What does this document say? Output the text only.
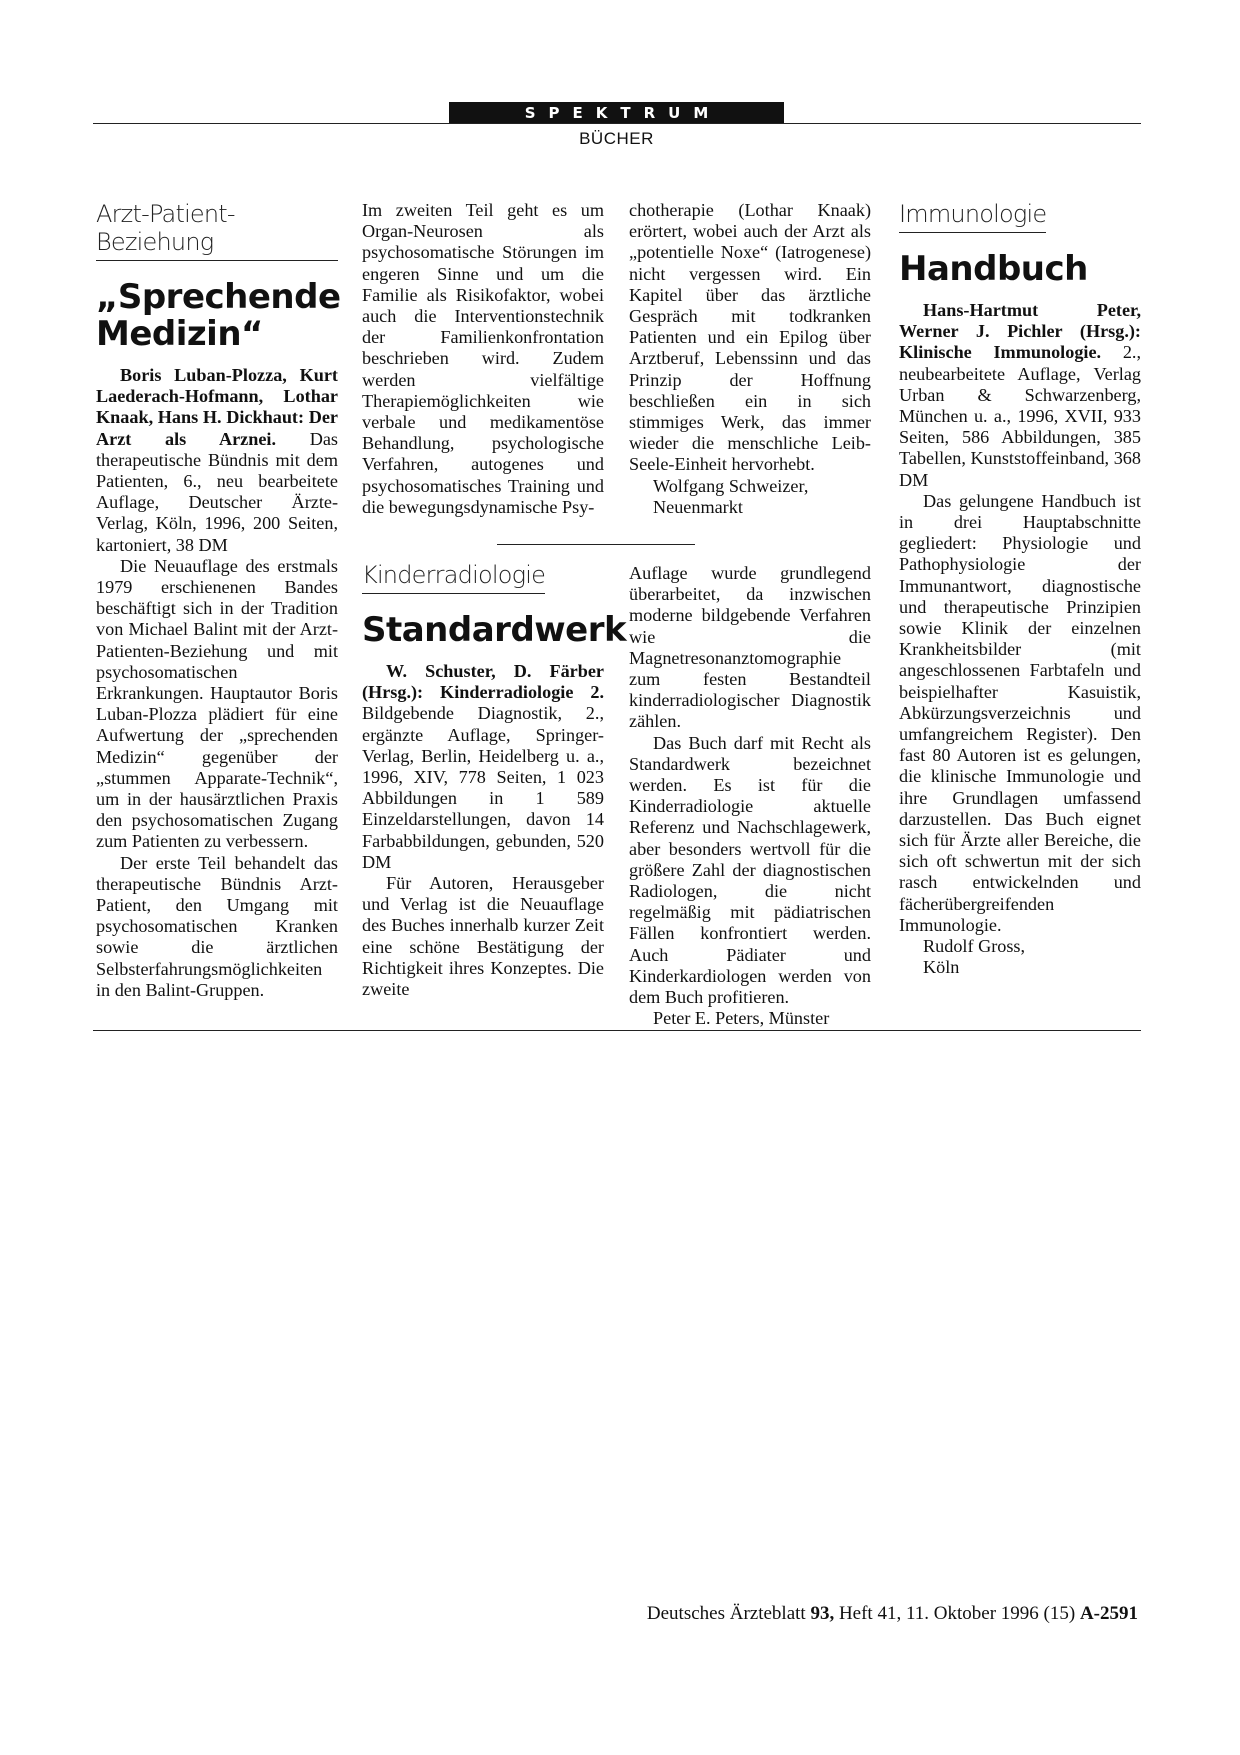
SPEKTRUM
BÜCHER
Arzt-Patient-Beziehung
„Sprechende
Medizin“

Boris Luban-Plozza, Kurt Laederach-Hofmann, Lothar Knaak, Hans H. Dickhaut: Der Arzt als Arznei. Das therapeutische Bündnis mit dem Patienten, 6., neu bearbeitete Auflage, Deutscher Ärzte-Verlag, Köln, 1996, 200 Seiten, kartoniert, 38 DM

Die Neuauflage des erstmals 1979 erschienenen Bandes beschäftigt sich in der Tradition von Michael Balint mit der Arzt-Patienten-Beziehung und mit psychosomatischen Erkrankungen. Hauptautor Boris Luban-Plozza plädiert für eine Aufwertung der „sprechenden Medizin“ gegenüber der „stummen Apparate-Technik“, um in der hausärztlichen Praxis den psychosomatischen Zugang zum Patienten zu verbessern.

Der erste Teil behandelt das therapeutische Bündnis Arzt-Patient, den Umgang mit psychosomatischen Kranken sowie die ärztlichen Selbsterfahrungsmöglichkeiten in den Balint-Gruppen.

Im zweiten Teil geht es um Organ-Neurosen als psychosomatische Störungen im engeren Sinne und um die Familie als Risikofaktor, wobei auch die Interventionstechnik der Familienkonfrontation beschrieben wird. Zudem werden vielfältige Therapiemöglichkeiten wie verbale und medikamentöse Behandlung, psychologische Verfahren, autogenes und psychosomatisches Training und die bewegungsdynamische Psy-

chotherapie (Lothar Knaak) erörtert, wobei auch der Arzt als „potentielle Noxe“ (Iatrogenese) nicht vergessen wird. Ein Kapitel über das ärztliche Gespräch mit todkranken Patienten und ein Epilog über Arztberuf, Lebenssinn und das Prinzip der Hoffnung beschließen ein in sich stimmiges Werk, das immer wieder die menschliche Leib-Seele-Einheit hervorhebt.

Wolfgang Schweizer,

Neuenmarkt

Kinderradiologie
Standardwerk

W. Schuster, D. Färber (Hrsg.): Kinderradiologie 2. Bildgebende Diagnostik, 2., ergänzte Auflage, Springer-Verlag, Berlin, Heidelberg u. a., 1996, XIV, 778 Seiten, 1 023 Abbildungen in 1 589 Einzeldarstellungen, davon 14 Farbabbildungen, gebunden, 520 DM

Für Autoren, Herausgeber und Verlag ist die Neuauflage des Buches innerhalb kurzer Zeit eine schöne Bestätigung der Richtigkeit ihres Konzeptes. Die zweite

Auflage wurde grundlegend überarbeitet, da inzwischen moderne bildgebende Verfahren wie die Magnetresonanztomographie zum festen Bestandteil kinderradiologischer Diagnostik zählen.

Das Buch darf mit Recht als Standardwerk bezeichnet werden. Es ist für die Kinderradiologie aktuelle Referenz und Nachschlagewerk, aber besonders wertvoll für die größere Zahl der diagnostischen Radiologen, die nicht regelmäßig mit pädiatrischen Fällen konfrontiert werden. Auch Pädiater und Kinderkardiologen werden von dem Buch profitieren.

Peter E. Peters, Münster

Immunologie
Handbuch

Hans-Hartmut Peter, Werner J. Pichler (Hrsg.): Klinische Immunologie. 2., neubearbeitete Auflage, Verlag Urban & Schwarzenberg, München u. a., 1996, XVII, 933 Seiten, 586 Abbildungen, 385 Tabellen, Kunststoffeinband, 368 DM

Das gelungene Handbuch ist in drei Hauptabschnitte gegliedert: Physiologie und Pathophysiologie der Immunantwort, diagnostische und therapeutische Prinzipien sowie Klinik der einzelnen Krankheitsbilder (mit angeschlossenen Farbtafeln und beispielhafter Kasuistik, Abkürzungsverzeichnis und umfangreichem Register). Den fast 80 Autoren ist es gelungen, die klinische Immunologie und ihre Grundlagen umfassend darzustellen. Das Buch eignet sich für Ärzte aller Bereiche, die sich oft schwertun mit der sich rasch entwickelnden und fächerübergreifenden Immunologie.

Rudolf Gross,

Köln

Deutsches Ärzteblatt 93, Heft 41, 11. Oktober 1996 (15) A-2591
